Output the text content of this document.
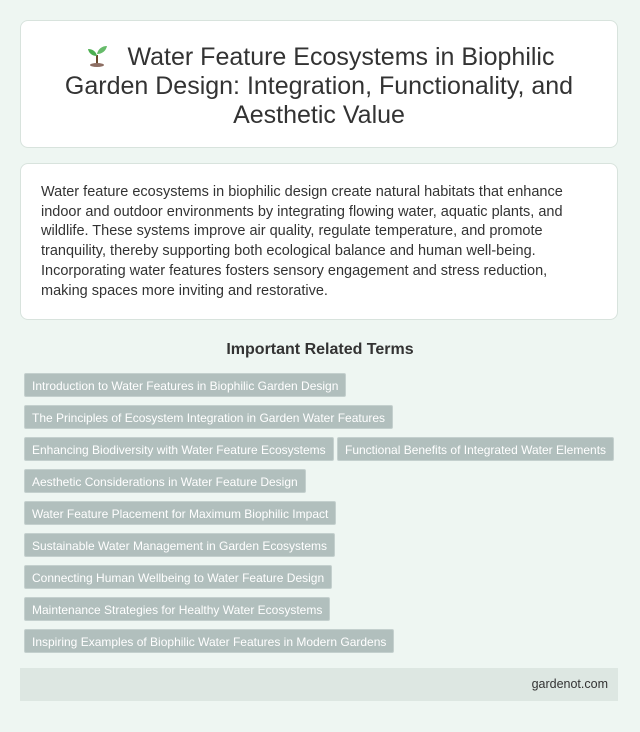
Water Feature Ecosystems in Biophilic Garden Design: Integration, Functionality, and Aesthetic Value

Water feature ecosystems in biophilic design create natural habitats that enhance indoor and outdoor environments by integrating flowing water, aquatic plants, and wildlife. These systems improve air quality, regulate temperature, and promote tranquility, thereby supporting both ecological balance and human well-being. Incorporating water features fosters sensory engagement and stress reduction, making spaces more inviting and restorative.

Important Related Terms
Introduction to Water Features in Biophilic Garden Design
The Principles of Ecosystem Integration in Garden Water Features
Enhancing Biodiversity with Water Feature Ecosystems	Functional Benefits of Integrated Water Elements
Aesthetic Considerations in Water Feature Design
Water Feature Placement for Maximum Biophilic Impact
Sustainable Water Management in Garden Ecosystems
Connecting Human Wellbeing to Water Feature Design
Maintenance Strategies for Healthy Water Ecosystems
Inspiring Examples of Biophilic Water Features in Modern Gardens
gardenot.com
